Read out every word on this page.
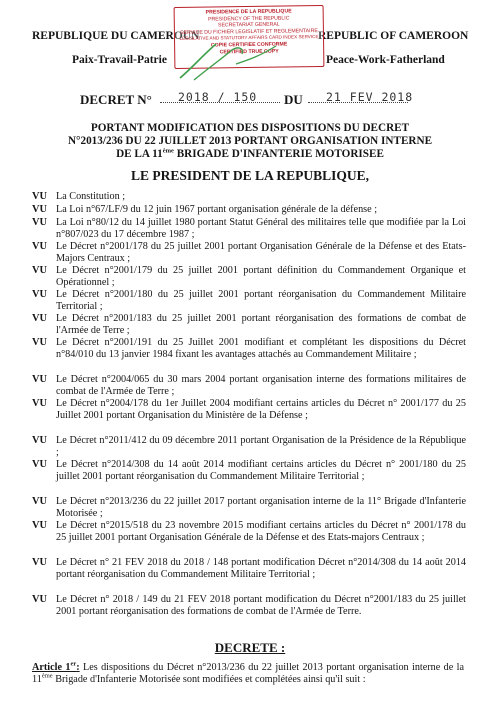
REPUBLIQUE DU CAMEROUN	REPUBLIC OF CAMEROON
Paix-Travail-Patrie	Peace-Work-Fatherland
PRESIDENCE DE LA REPUBLIQUE
PRESIDENCY OF THE REPUBLIC
SECRETARIAT GENERAL
SERVICE DU FICHIER LEGISLATIF ET REGLEMENTAIRE
LEGISLATIVE AND STATUTORY AFFAIRS CARD INDEX SERVICE
COPIE CERTIFIEE CONFORME
CERTIFIED TRUE COPY
DECRET N° 2018 / 150 DU 21 FEV 2018
PORTANT MODIFICATION DES DISPOSITIONS DU DECRET
N°2013/236 DU 22 JUILLET 2013 PORTANT ORGANISATION INTERNE
DE LA 11ème BRIGADE D'INFANTERIE MOTORISEE
LE PRESIDENT DE LA REPUBLIQUE,
VU La Constitution ;
VU La Loi n°67/LF/9 du 12 juin 1967 portant organisation générale de la défense ;
VU La Loi n°80/12 du 14 juillet 1980 portant Statut Général des militaires telle que modifiée par la Loi n°807/023 du 17 décembre 1987 ;
VU Le Décret n°2001/178 du 25 juillet 2001 portant Organisation Générale de la Défense et des Etats-Majors Centraux ;
VU Le Décret n°2001/179 du 25 juillet 2001 portant définition du Commandement Organique et Opérationnel ;
VU Le Décret n°2001/180 du 25 juillet 2001 portant réorganisation du Commandement Militaire Territorial ;
VU Le Décret n°2001/183 du 25 juillet 2001 portant réorganisation des formations de combat de l'Armée de Terre ;
VU Le Décret n°2001/191 du 25 Juillet 2001 modifiant et complétant les dispositions du Décret n°84/010 du 13 janvier 1984 fixant les avantages attachés au Commandement Militaire ;
VU Le Décret n°2004/065 du 30 mars 2004 portant organisation interne des formations militaires de combat de l'Armée de Terre ;
VU Le Décret n°2004/178 du 1er Juillet 2004 modifiant certains articles du Décret n° 2001/177 du 25 Juillet 2001 portant Organisation du Ministère de la Défense ;
VU Le Décret n°2011/412 du 09 décembre 2011 portant Organisation de la Présidence de la République ;
VU Le Décret n°2014/308 du 14 août 2014 modifiant certains articles du Décret n° 2001/180 du 25 juillet 2001 portant réorganisation du Commandement Militaire Territorial ;
VU Le Décret n°2013/236 du 22 juillet 2017 portant organisation interne de la 11° Brigade d'Infanterie Motorisée ;
VU Le Décret n°2015/518 du 23 novembre 2015 modifiant certains articles du Décret n° 2001/178 du 25 juillet 2001 portant Organisation Générale de la Défense et des Etats-majors Centraux ;
VU Le Décret n° 21 FEV 2018 du 2018 / 148 portant modification Décret n°2014/308 du 14 août 2014 portant réorganisation du Commandement Militaire Territorial ;
VU Le Décret n° 2018 / 149 du 21 FEV 2018 portant modification du Décret n°2001/183 du 25 juillet 2001 portant réorganisation des formations de combat de l'Armée de Terre.
DECRETE :
Article 1er: Les dispositions du Décret n°2013/236 du 22 juillet 2013 portant organisation interne de la 11ème Brigade d'Infanterie Motorisée sont modifiées et complétées ainsi qu'il suit :
